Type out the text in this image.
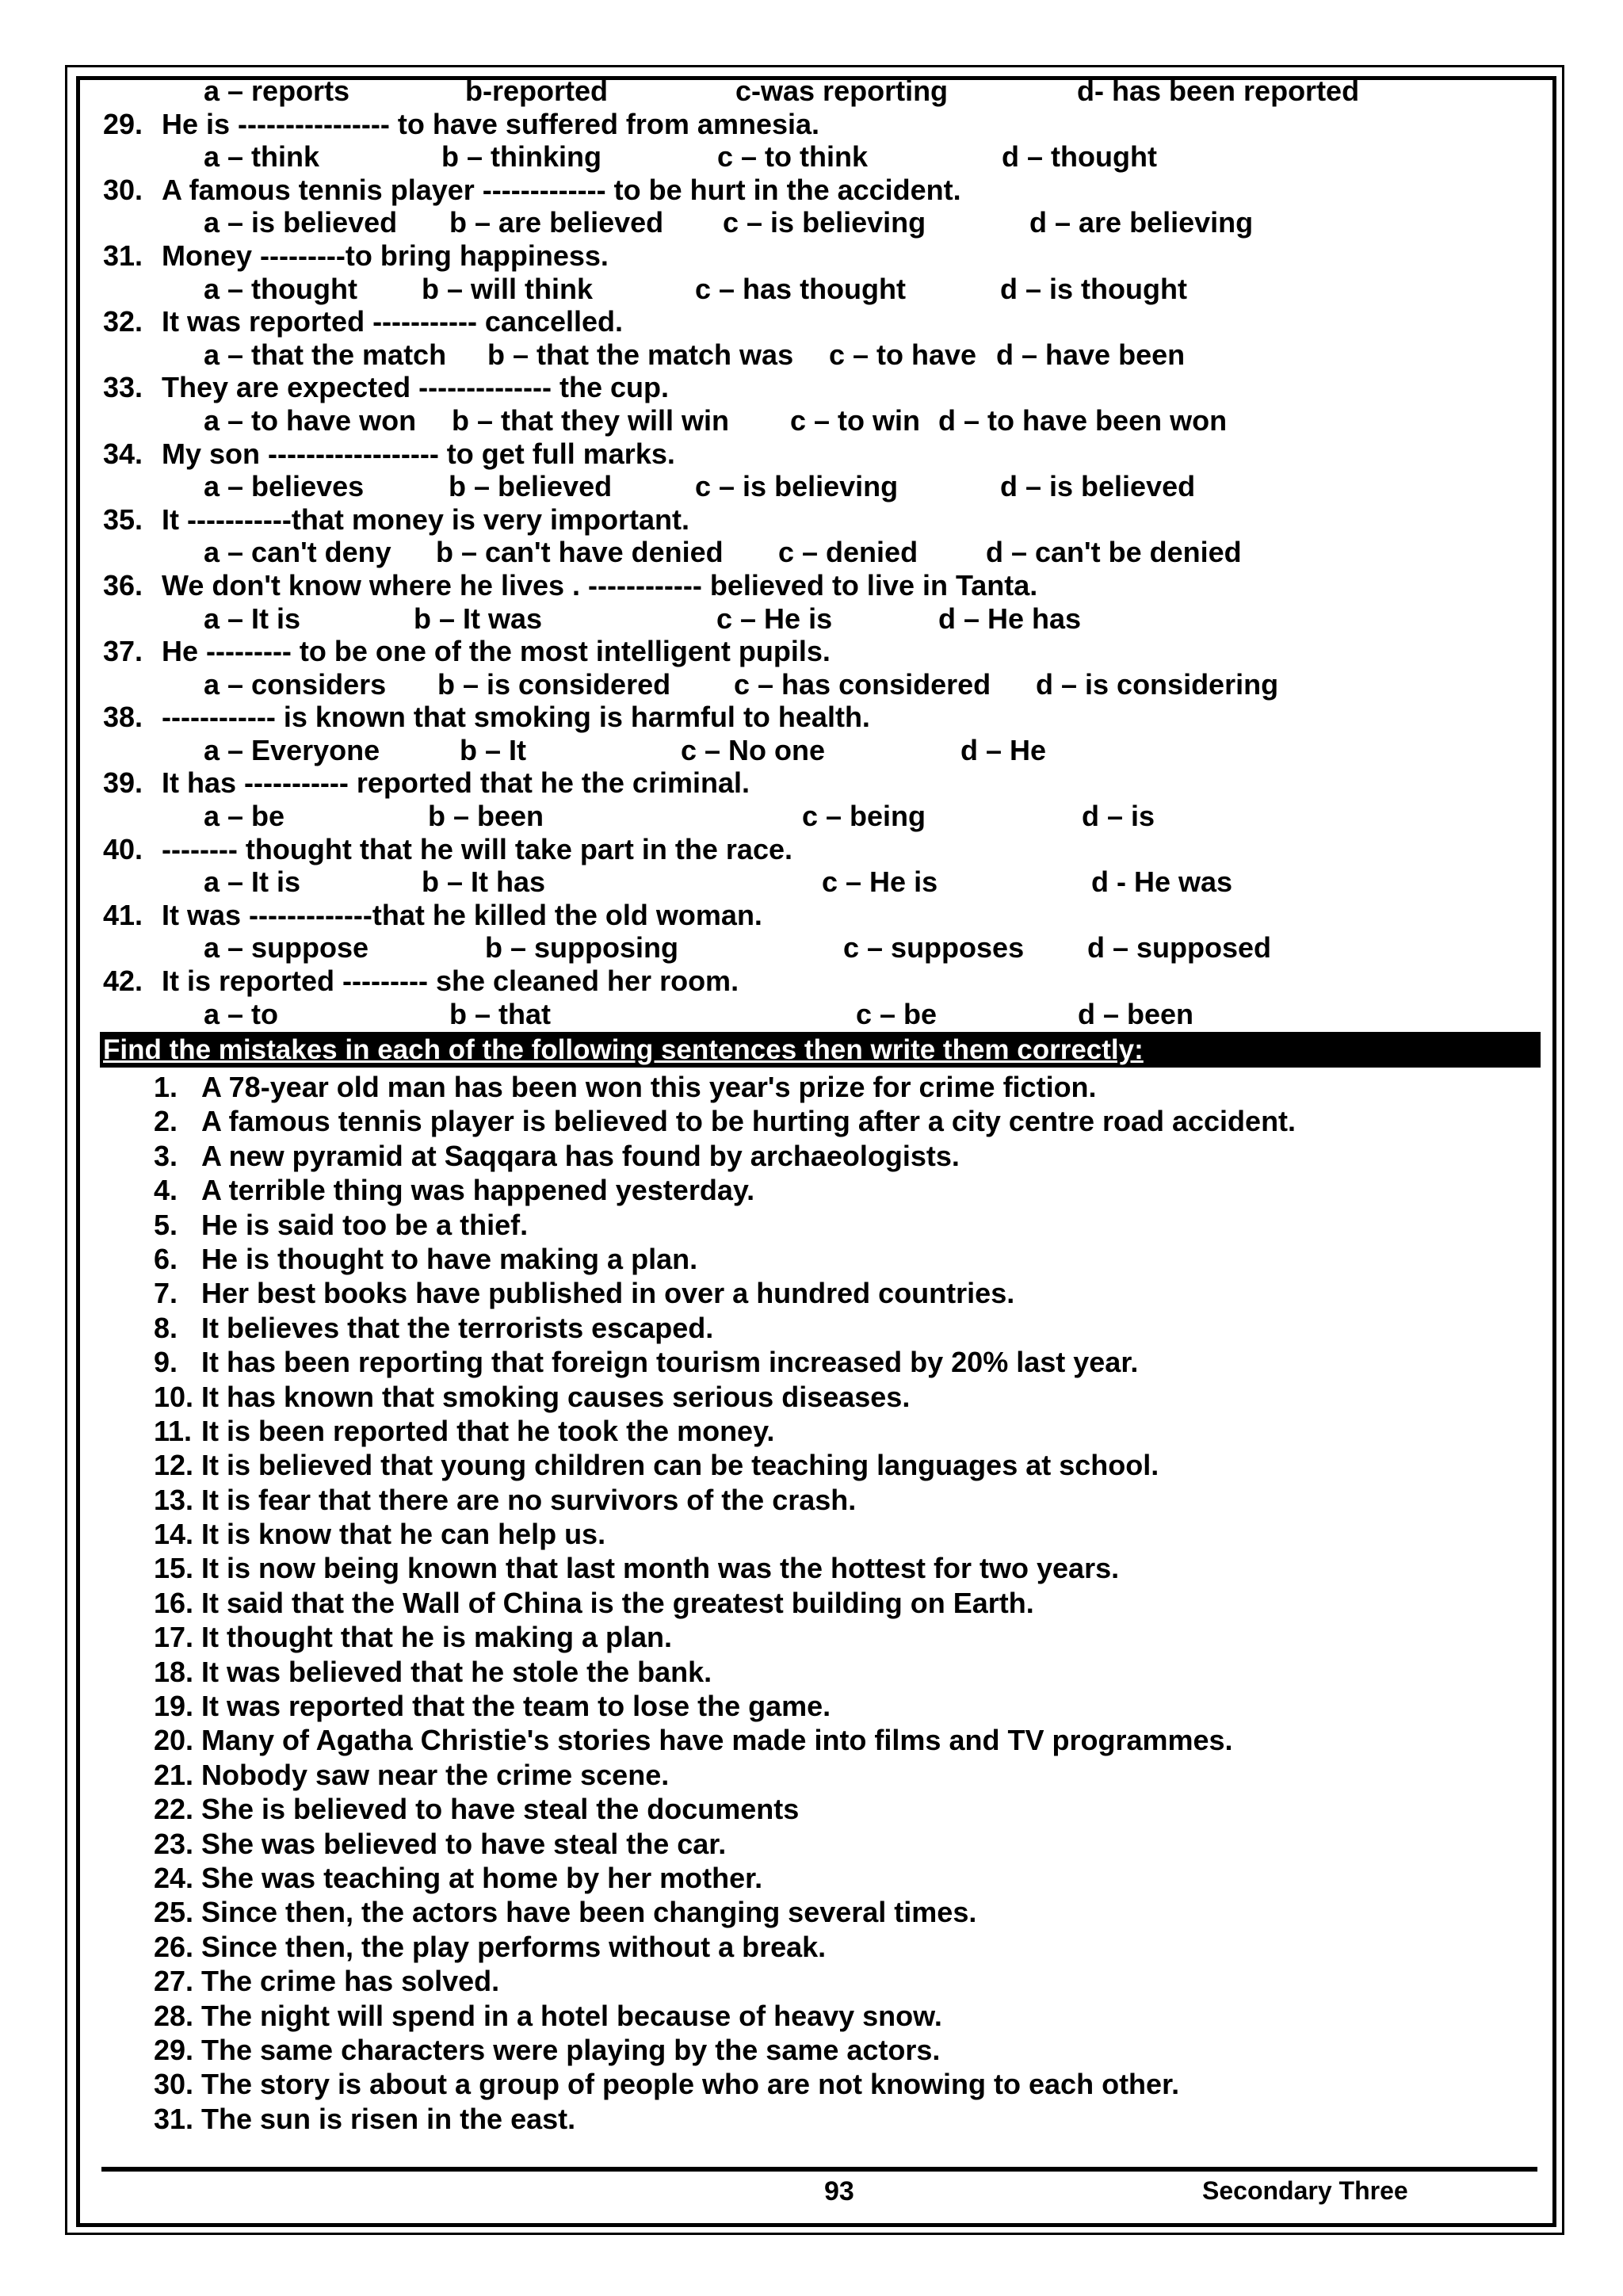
a – reports	b-reported	c-was reporting	d- has been reported
29. He is ---------------- to have suffered from amnesia.
a – think	b – thinking	c – to think	d – thought
30. A famous tennis player ------------- to be hurt in the accident.
a – is believed b – are believed c – is believing	d – are believing
31. Money ---------to bring happiness.
a – thought b – will think	c – has thought	d – is thought
32. It was reported ----------- cancelled.
a – that the match b – that the match was c – to have d – have been
33. They are expected -------------- the cup.
a – to have won b – that they will win c – to win d – to have been won
34. My son ------------------ to get full marks.
a – believes	b – believed	c – is believing	d – is believed
35. It -----------that money is very important.
a – can't deny b – can't have denied c – denied d – can't be denied
36. We don't know where he lives . ------------ believed to live in Tanta.
a – It is	b – It was	c – He is	d – He has
37. He --------- to be one of the most intelligent pupils.
a – considers b – is considered c – has considered d – is considering
38. ------------ is known that smoking is harmful to health.
a – Everyone	b – It	c – No one	d – He
39. It has ----------- reported that he the criminal.
a – be	b – been	c – being	d – is
40. -------- thought that he will take part in the race.
a – It is	b – It has	c – He is	d - He was
41. It was -------------that he killed the old woman.
a – suppose	b – supposing	c – supposes d – supposed
42. It is reported --------- she cleaned her room.
a – to	b – that	c – be	d – been
Find the mistakes in each of the following sentences then write them correctly:
1. A 78-year old man has been won this year's prize for crime fiction.
2. A famous tennis player is believed to be hurting after a city centre road accident.
3. A new pyramid at Saqqara has found by archaeologists.
4. A terrible thing was happened yesterday.
5. He is said too be a thief.
6. He is thought to have making a plan.
7. Her best books have published in over a hundred countries.
8. It believes that the terrorists escaped.
9. It has been reporting that foreign tourism increased by 20% last year.
10. It has known that smoking causes serious diseases.
11. It is been reported that he took the money.
12. It is believed that young children can be teaching languages at school.
13. It is fear that there are no survivors of the crash.
14. It is know that he can help us.
15. It is now being known that last month was the hottest for two years.
16. It said that the Wall of China is the greatest building on Earth.
17. It thought that he is making a plan.
18. It was believed that he stole the bank.
19. It was reported that the team to lose the game.
20. Many of Agatha Christie's stories have made into films and TV programmes.
21. Nobody saw near the crime scene.
22. She is believed to have steal the documents
23. She was believed to have steal the car.
24. She was teaching at home by her mother.
25. Since then, the actors have been changing several times.
26. Since then, the play performs without a break.
27. The crime has solved.
28. The night will spend in a hotel because of heavy snow.
29. The same characters were playing by the same actors.
30. The story is about a group of people who are not knowing to each other.
31. The sun is risen in the east.
93	Secondary Three
